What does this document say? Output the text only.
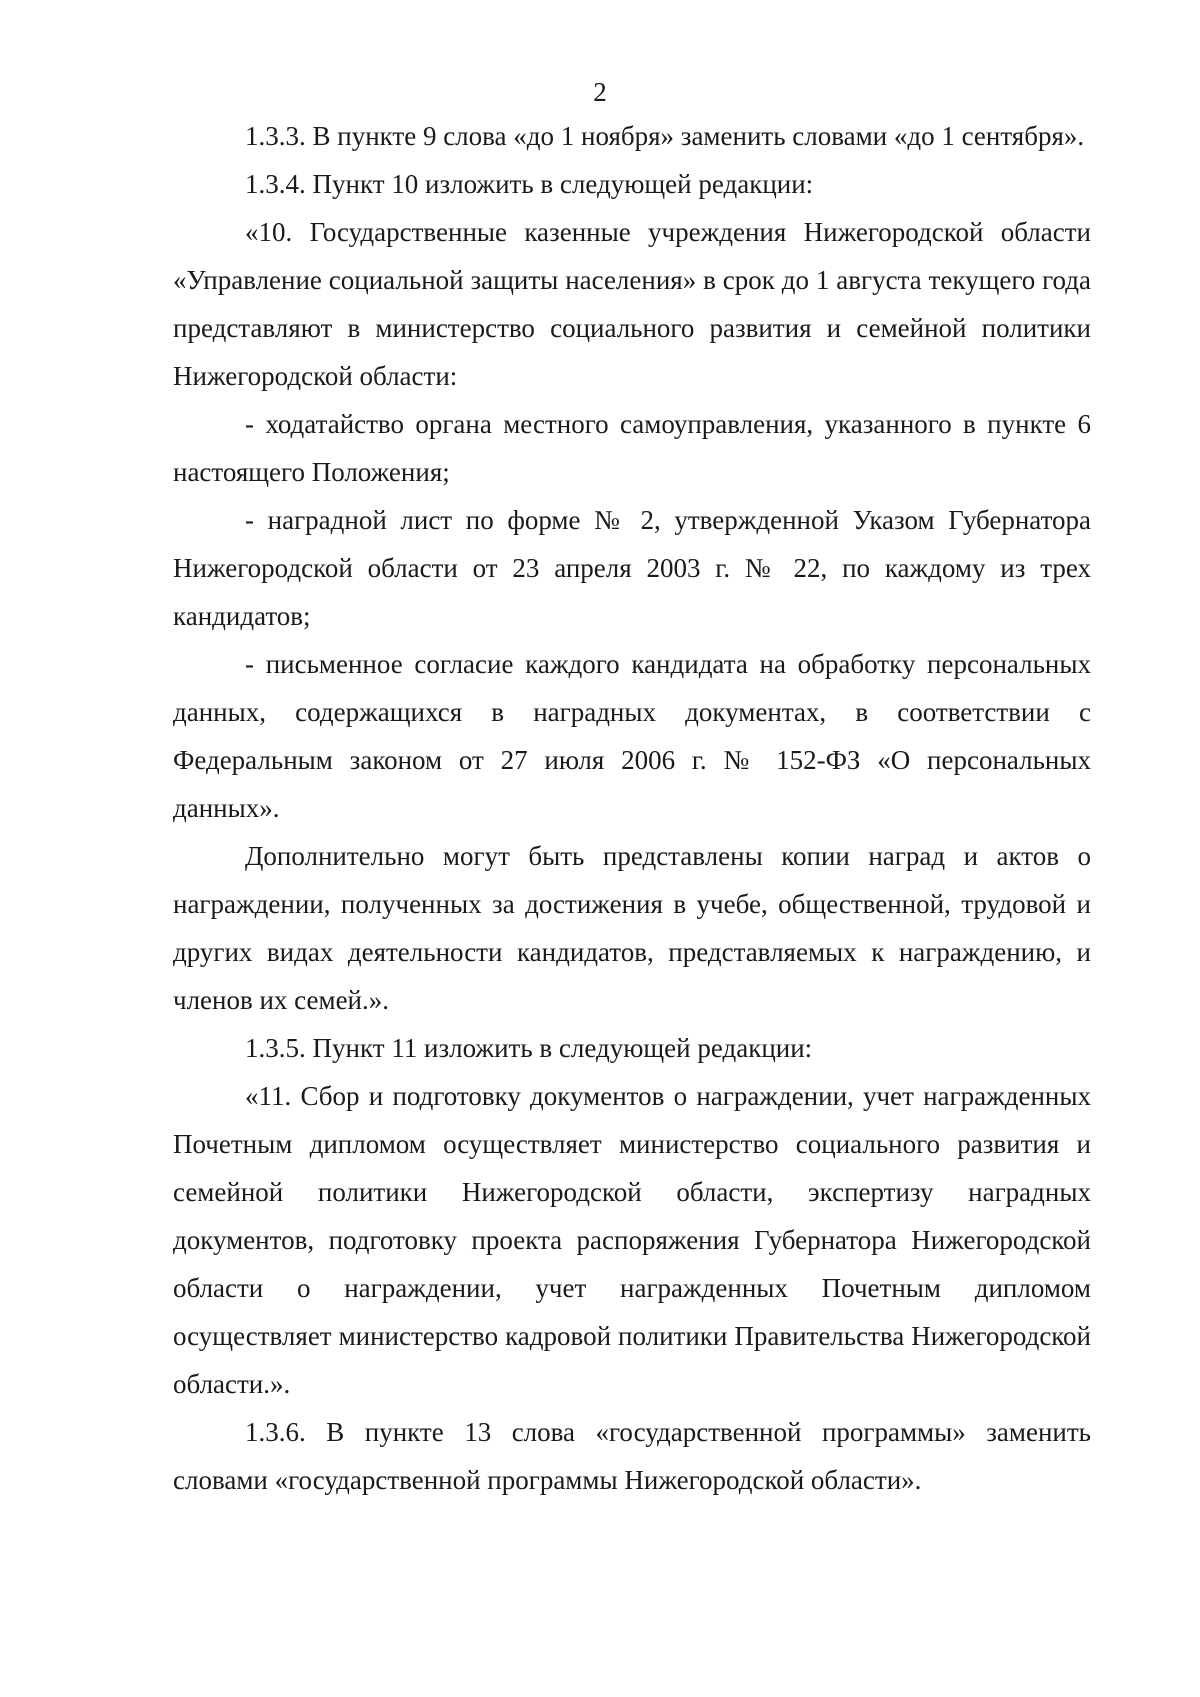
2

1.3.3. В пункте 9 слова «до 1 ноября» заменить словами «до 1 сентября».

1.3.4. Пункт 10 изложить в следующей редакции:

«10. Государственные казенные учреждения Нижегородской области «Управление социальной защиты населения» в срок до 1 августа текущего года представляют в министерство социального развития и семейной политики Нижегородской области:

- ходатайство органа местного самоуправления, указанного в пункте 6 настоящего Положения;

- наградной лист по форме № 2, утвержденной Указом Губернатора Нижегородской области от 23 апреля 2003 г. № 22, по каждому из трех кандидатов;

- письменное согласие каждого кандидата на обработку персональных данных, содержащихся в наградных документах, в соответствии с Федеральным законом от 27 июля 2006 г. № 152-ФЗ «О персональных данных».

Дополнительно могут быть представлены копии наград и актов о награждении, полученных за достижения в учебе, общественной, трудовой и других видах деятельности кандидатов, представляемых к награждению, и членов их семей.».

1.3.5. Пункт 11 изложить в следующей редакции:

«11. Сбор и подготовку документов о награждении, учет награжденных Почетным дипломом осуществляет министерство социального развития и семейной политики Нижегородской области, экспертизу наградных документов, подготовку проекта распоряжения Губернатора Нижегородской области о награждении, учет награжденных Почетным дипломом осуществляет министерство кадровой политики Правительства Нижегородской области.».

1.3.6. В пункте 13 слова «государственной программы» заменить словами «государственной программы Нижегородской области».
